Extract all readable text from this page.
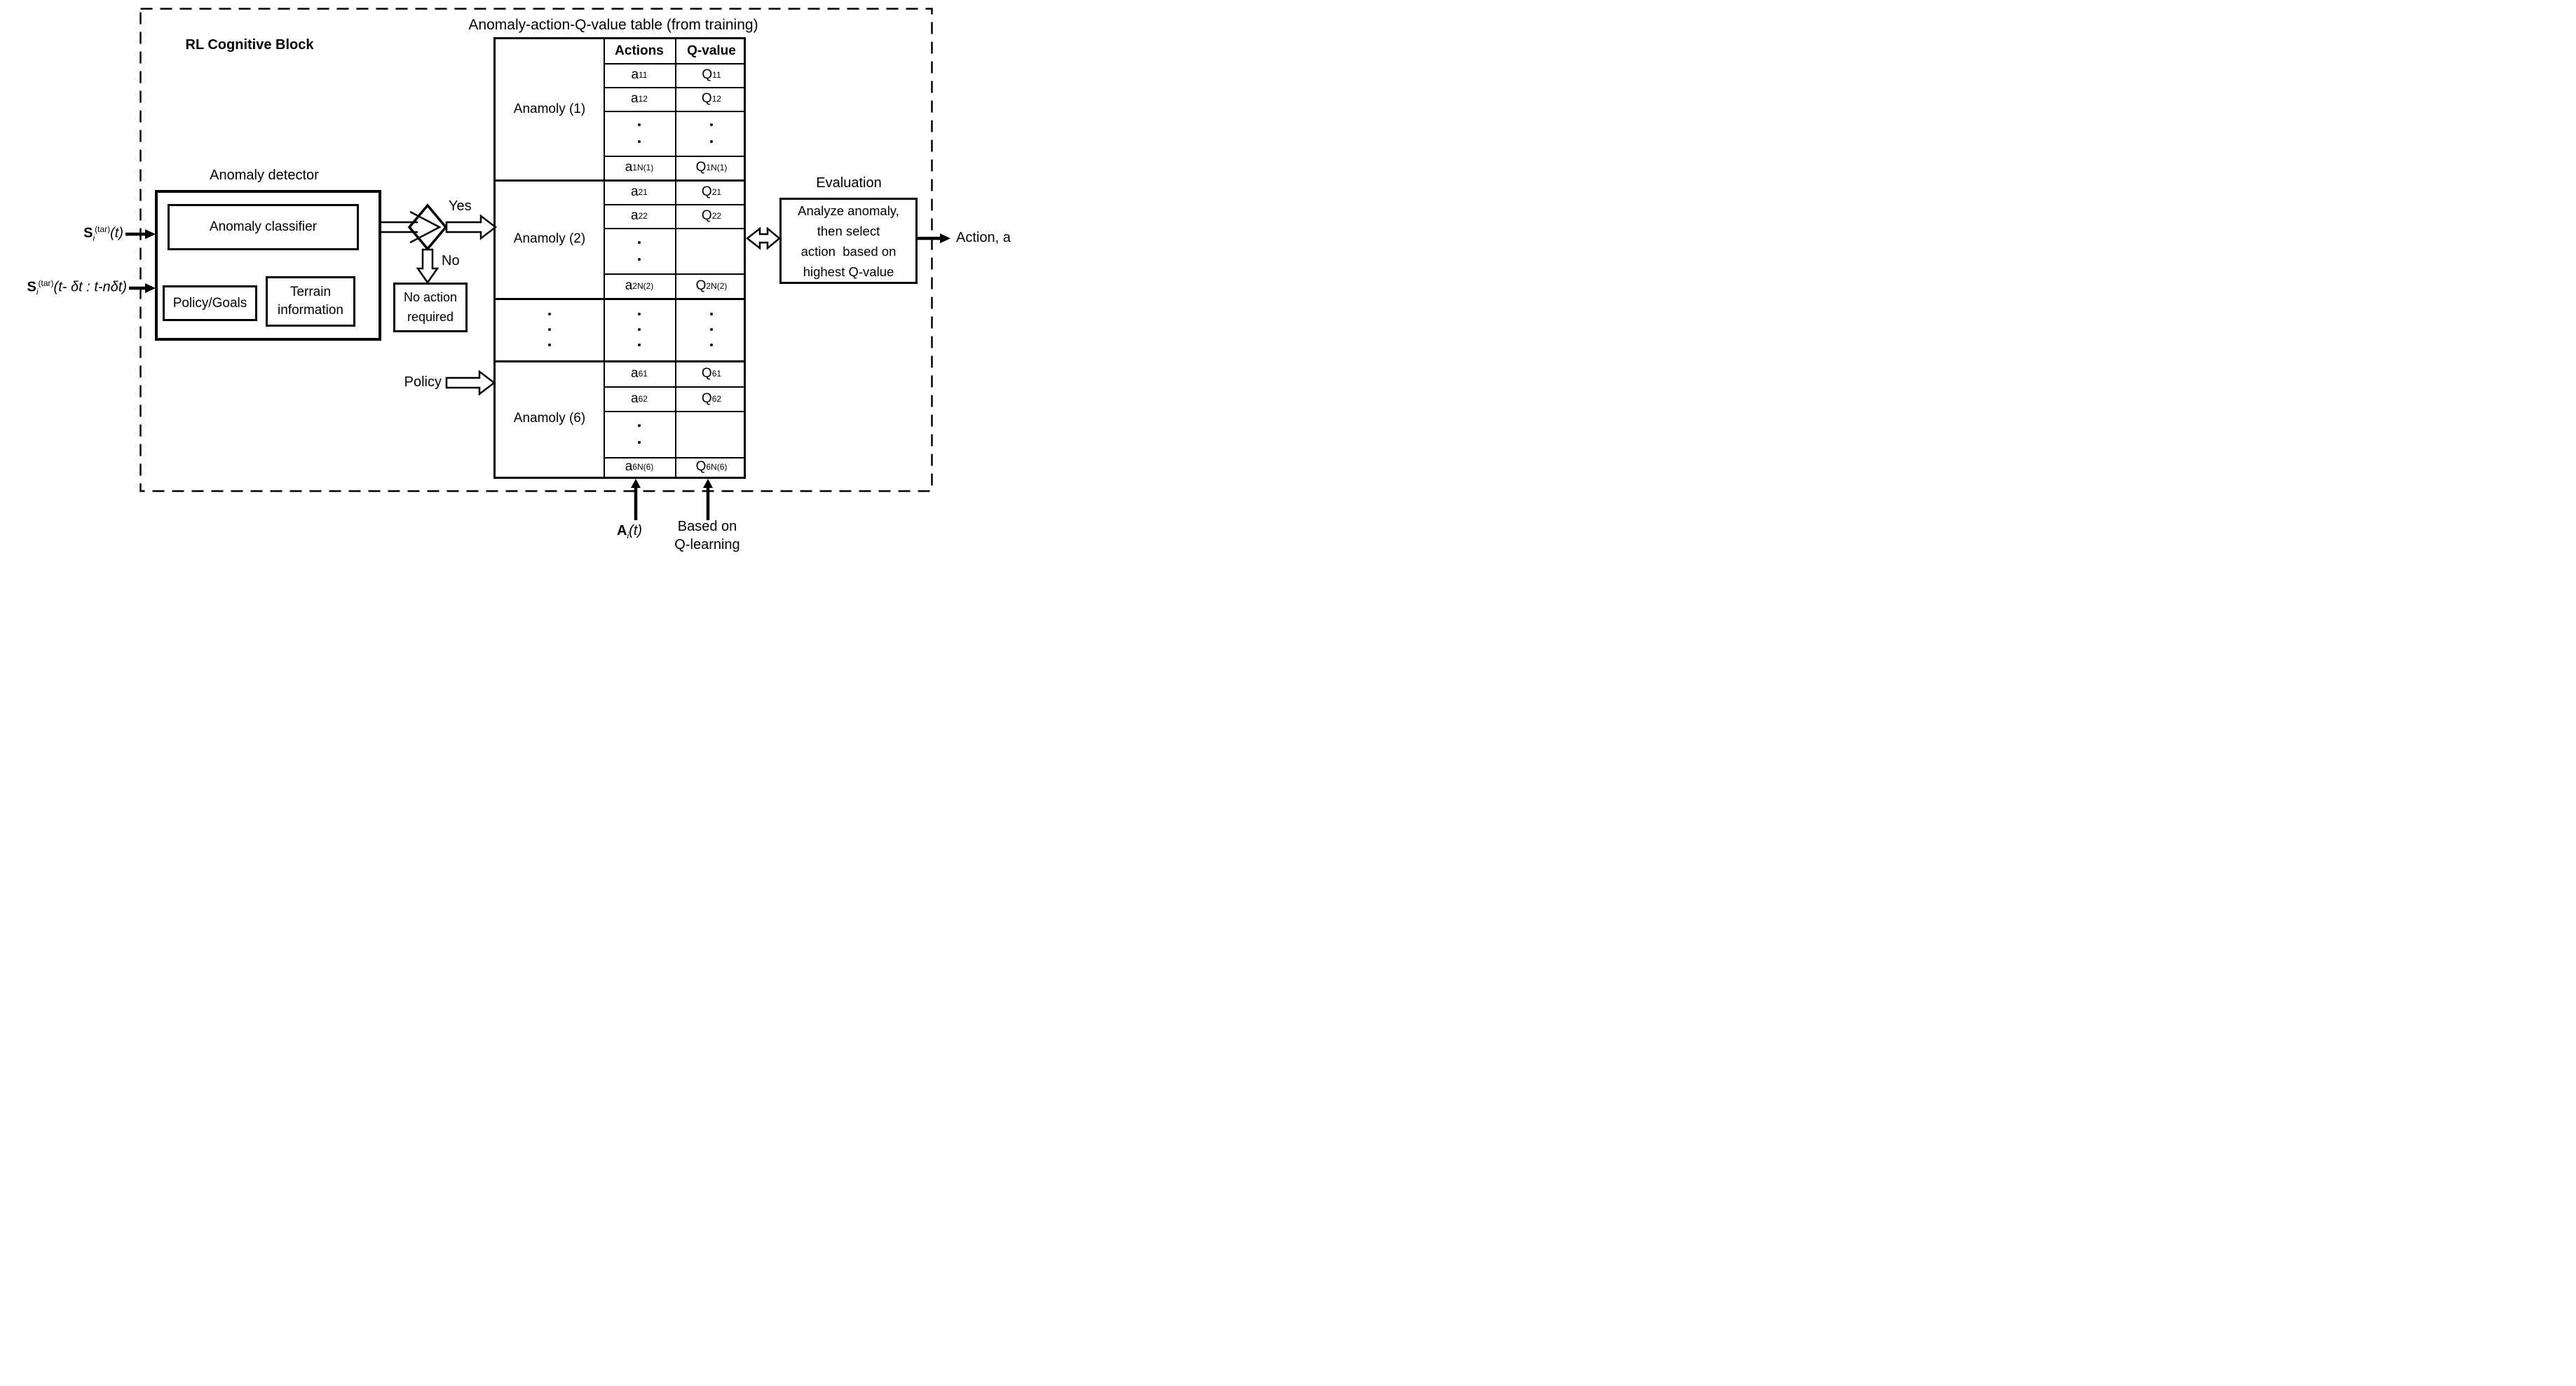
RL Cognitive Block
Anomaly-action-Q-value table (from training)
$S_i^{(tar)}(t)$
$S_i^{(tar)}(t-$ δt : t-nδt)
Anomaly detector
Anomaly classifier
Policy/Goals
Terrain information
Yes
No
No action required
Policy
Actions	Q-value
Anamoly (1)
a 11	Q 11
a 12	Q 12
a 1N (1)	Q 1N (1)
Anamoly (2)
a 21	Q 21
a 22	Q 22
a 2N (2)	Q 2N (2)
Anamoly (6)
a 61	Q 61
a 62	Q 62
a 6N (6)	Q 6N (6)
Evaluation
Analyze anomaly,
then select
action  based on
highest Q-value
Action, a
$A_i(t)$	Based on
Q-learning
